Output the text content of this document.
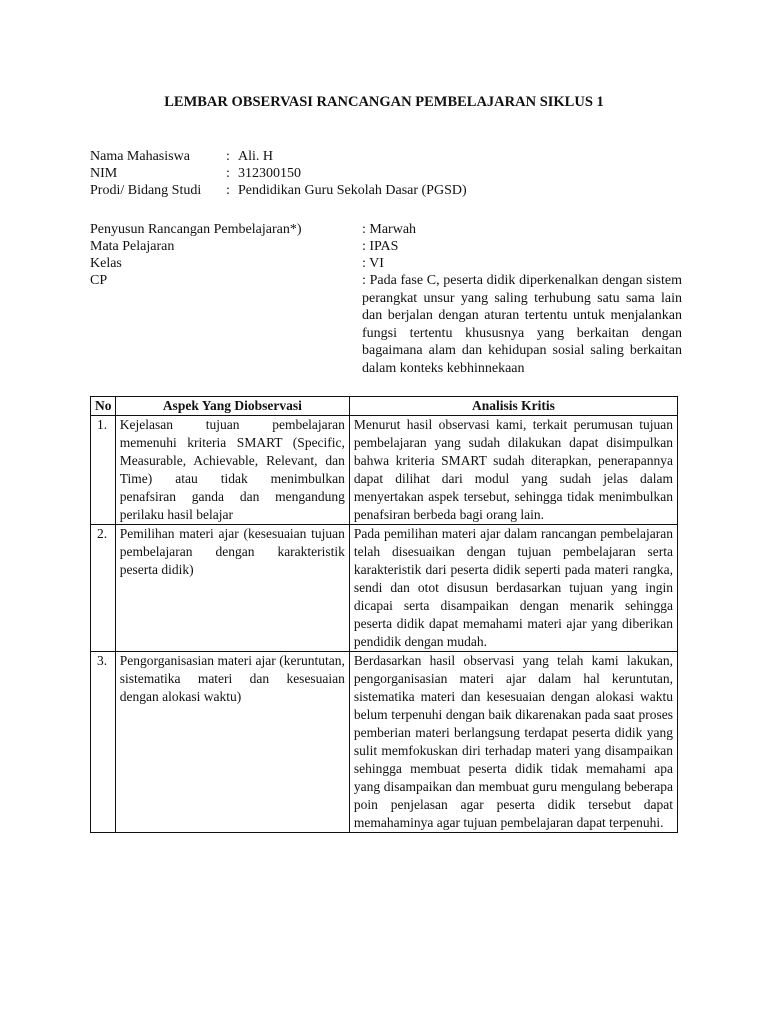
LEMBAR OBSERVASI RANCANGAN PEMBELAJARAN SIKLUS 1
Nama Mahasiswa	: Ali. H
NIM	: 312300150
Prodi/ Bidang Studi	: Pendidikan Guru Sekolah Dasar (PGSD)
Penyusun Rancangan Pembelajaran*)	: Marwah
Mata Pelajaran	: IPAS
Kelas	: VI
CP	: Pada fase C, peserta didik diperkenalkan dengan sistem perangkat unsur yang saling terhubung satu sama lain dan berjalan dengan aturan tertentu untuk menjalankan fungsi tertentu khususnya yang berkaitan dengan bagaimana alam dan kehidupan sosial saling berkaitan dalam konteks kebhinnekaan
No	Aspek Yang Diobservasi	Analisis Kritis
1.	Kejelasan tujuan pembelajaran memenuhi kriteria SMART (Specific, Measurable, Achievable, Relevant, dan Time) atau tidak menimbulkan penafsiran ganda dan mengandung perilaku hasil belajar	Menurut hasil observasi kami, terkait perumusan tujuan pembelajaran yang sudah dilakukan dapat disimpulkan bahwa kriteria SMART sudah diterapkan, penerapannya dapat dilihat dari modul yang sudah jelas dalam menyertakan aspek tersebut, sehingga tidak menimbulkan penafsiran berbeda bagi orang lain.
2.	Pemilihan materi ajar (kesesuaian tujuan pembelajaran dengan karakteristik peserta didik)	Pada pemilihan materi ajar dalam rancangan pembelajaran telah disesuaikan dengan tujuan pembelajaran serta karakteristik dari peserta didik seperti pada materi rangka, sendi dan otot disusun berdasarkan tujuan yang ingin dicapai serta disampaikan dengan menarik sehingga peserta didik dapat memahami materi ajar yang diberikan pendidik dengan mudah.
3.	Pengorganisasian materi ajar (keruntutan, sistematika materi dan kesesuaian dengan alokasi waktu)	Berdasarkan hasil observasi yang telah kami lakukan, pengorganisasian materi ajar dalam hal keruntutan, sistematika materi dan kesesuaian dengan alokasi waktu belum terpenuhi dengan baik dikarenakan pada saat proses pemberian materi berlangsung terdapat peserta didik yang sulit memfokuskan diri terhadap materi yang disampaikan sehingga membuat peserta didik tidak memahami apa yang disampaikan dan membuat guru mengulang beberapa poin penjelasan agar peserta didik tersebut dapat memahaminya agar tujuan pembelajaran dapat terpenuhi.
